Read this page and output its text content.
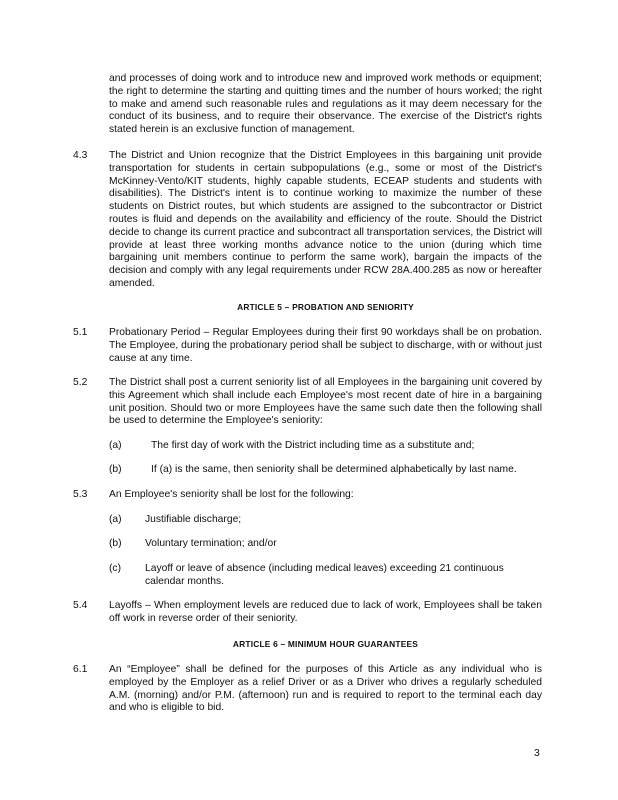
and processes of doing work and to introduce new and improved work methods or equipment; the right to determine the starting and quitting times and the number of hours worked; the right to make and amend such reasonable rules and regulations as it may deem necessary for the conduct of its business, and to require their observance. The exercise of the District's rights stated herein is an exclusive function of management.
4.3 The District and Union recognize that the District Employees in this bargaining unit provide transportation for students in certain subpopulations (e.g., some or most of the District's McKinney-Vento/KIT students, highly capable students, ECEAP students and students with disabilities). The District's intent is to continue working to maximize the number of these students on District routes, but which students are assigned to the subcontractor or District routes is fluid and depends on the availability and efficiency of the route. Should the District decide to change its current practice and subcontract all transportation services, the District will provide at least three working months advance notice to the union (during which time bargaining unit members continue to perform the same work), bargain the impacts of the decision and comply with any legal requirements under RCW 28A.400.285 as now or hereafter amended.
ARTICLE 5 – PROBATION AND SENIORITY
5.1 Probationary Period – Regular Employees during their first 90 workdays shall be on probation. The Employee, during the probationary period shall be subject to discharge, with or without just cause at any time.
5.2 The District shall post a current seniority list of all Employees in the bargaining unit covered by this Agreement which shall include each Employee's most recent date of hire in a bargaining unit position. Should two or more Employees have the same such date then the following shall be used to determine the Employee's seniority:
(a)	The first day of work with the District including time as a substitute and;
(b)	If (a) is the same, then seniority shall be determined alphabetically by last name.
5.3 An Employee's seniority shall be lost for the following:
(a) Justifiable discharge;
(b) Voluntary termination; and/or
(c) Layoff or leave of absence (including medical leaves) exceeding 21 continuous calendar months.
5.4 Layoffs – When employment levels are reduced due to lack of work, Employees shall be taken off work in reverse order of their seniority.
ARTICLE 6 – MINIMUM HOUR GUARANTEES
6.1 An “Employee” shall be defined for the purposes of this Article as any individual who is employed by the Employer as a relief Driver or as a Driver who drives a regularly scheduled A.M. (morning) and/or P.M. (afternoon) run and is required to report to the terminal each day and who is eligible to bid.
3
